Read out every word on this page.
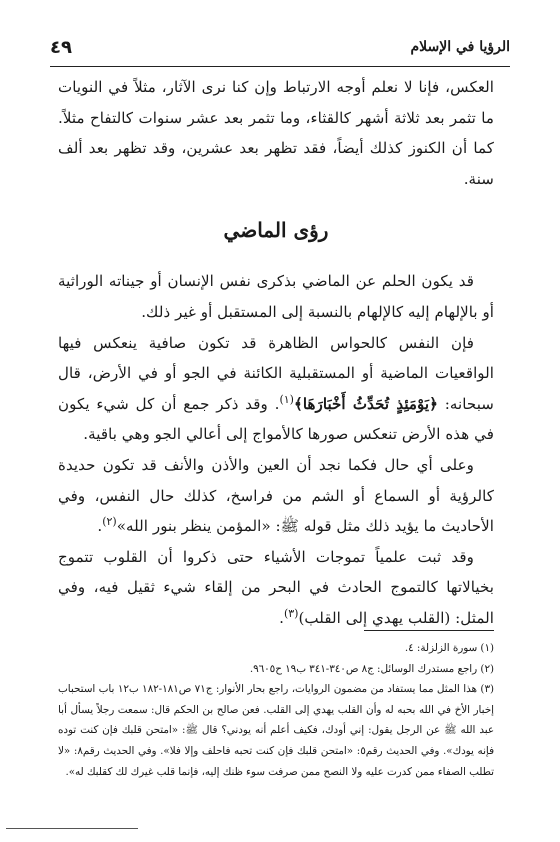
الرؤيا في الإسلام
٤٩

العكس، فإنا لا نعلم أوجه الارتباط وإن كنا نرى الآثار، مثلاً في النويات ما تثمر بعد ثلاثة أشهر كالقثاء، وما تثمر بعد عشر سنوات كالتفاح مثلاً. كما أن الكنوز كذلك أيضاً، فقد تظهر بعد عشرين، وقد تظهر بعد ألف سنة.

رؤى الماضي

قد يكون الحلم عن الماضي بذكرى نفس الإنسان أو جيناته الوراثية أو بالإلهام إليه كالإلهام بالنسبة إلى المستقبل أو غير ذلك.

فإن النفس كالحواس الظاهرة قد تكون صافية ينعكس فيها الواقعيات الماضية أو المستقبلية الكائنة في الجو أو في الأرض، قال سبحانه: ﴿يَوْمَئِذٍ تُحَدِّثُ أَخْبَارَهَا﴾$^{(١)}$. وقد ذكر جمع أن كل شيء يكون في هذه الأرض تنعكس صورها كالأمواج إلى أعالي الجو وهي باقية.

وعلى أي حال فكما نجد أن العين والأذن والأنف قد تكون حديدة كالرؤية أو السماع أو الشم من فراسخ، كذلك حال النفس، وفي الأحاديث ما يؤيد ذلك مثل قوله ﷺ: «المؤمن ينظر بنور الله»$^{(٢)}$.

وقد ثبت علمياً تموجات الأشياء حتى ذكروا أن القلوب تتموج بخيالاتها كالتموج الحادث في البحر من إلقاء شيء ثقيل فيه، وفي المثل: (القلب يهدي إلى القلب)$^{(٣)}$.

(١) سورة الزلزلة: ٤.

(٢) راجع مستدرك الوسائل: ج٨ ص٣٤٠-٣٤١ ب١٩ ح٩٦٠٥.

(٣) هذا المثل مما يستفاد من مضمون الروايات، راجع بحار الأنوار: ج٧١ ص١٨١-١٨٢ ب١٢ باب استحباب إخبار الأخ في الله بحبه له وأن القلب يهدي إلى القلب. فعن صالح بن الحكم قال: سمعت رجلاً يسأل أبا عبد الله ﷺ عن الرجل يقول: إني أودك، فكيف أعلم أنه يودني؟ قال ﷺ: «امتحن قلبك فإن كنت توده فإنه يودك». وفي الحديث رقم٥: «امتحن قلبك فإن كنت تحبه فاحلف وإلا فلا». وفي الحديث رقم٨: «لا تطلب الصفاء ممن كدرت عليه ولا النصح ممن صرفت سوء ظنك إليه، فإنما قلب غيرك لك كقلبك له».
